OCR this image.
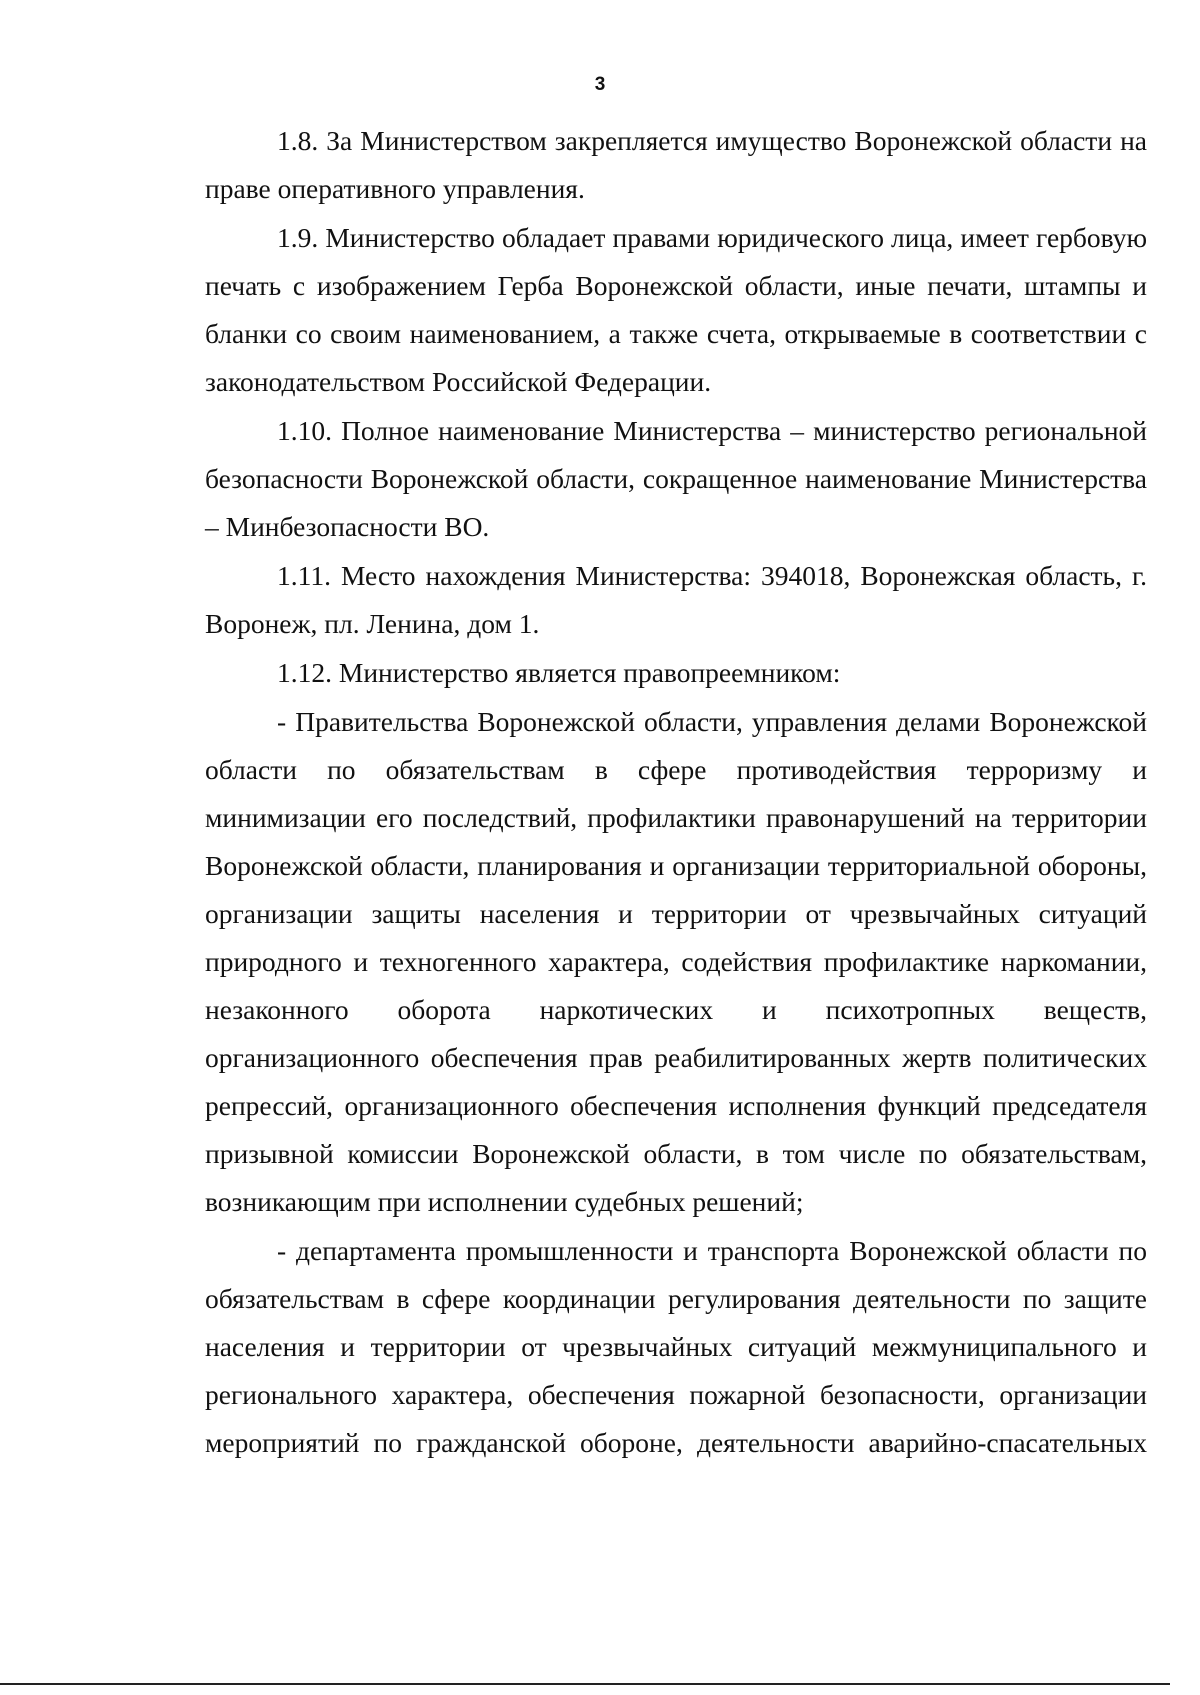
3

1.8. За Министерством закрепляется имущество Воронежской области на праве оперативного управления.

1.9. Министерство обладает правами юридического лица, имеет гербовую печать с изображением Герба Воронежской области, иные печати, штампы и бланки со своим наименованием, а также счета, открываемые в соответствии с законодательством Российской Федерации.

1.10. Полное наименование Министерства – министерство региональной безопасности Воронежской области, сокращенное наименование Министерства – Минбезопасности ВО.

1.11. Место нахождения Министерства: 394018, Воронежская область, г. Воронеж, пл. Ленина, дом 1.

1.12. Министерство является правопреемником:

- Правительства Воронежской области, управления делами Воронежской области по обязательствам в сфере противодействия терроризму и минимизации его последствий, профилактики правонарушений на территории Воронежской области, планирования и организации территориальной обороны, организации защиты населения и территории от чрезвычайных ситуаций природного и техногенного характера, содействия профилактике наркомании, незаконного оборота наркотических и психотропных веществ, организационного обеспечения прав реабилитированных жертв политических репрессий, организационного обеспечения исполнения функций председателя призывной комиссии Воронежской области, в том числе по обязательствам, возникающим при исполнении судебных решений;

- департамента промышленности и транспорта Воронежской области по обязательствам в сфере координации регулирования деятельности по защите населения и территории от чрезвычайных ситуаций межмуниципального и регионального характера, обеспечения пожарной безопасности, организации мероприятий по гражданской обороне, деятельности аварийно-спасательных
